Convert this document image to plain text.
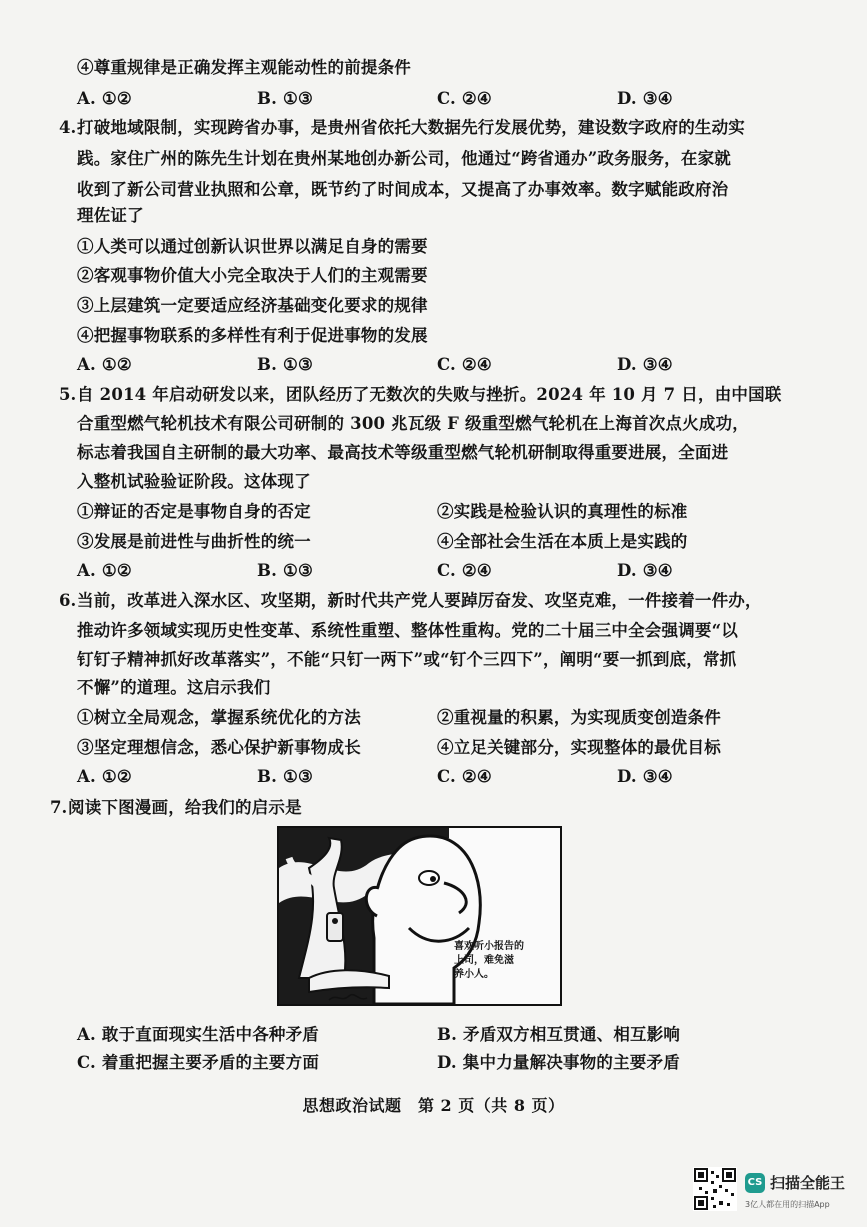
④尊重规律是正确发挥主观能动性的前提条件
A. ①②	B. ①③	C. ②④	D. ③④
4. 打破地域限制，实现跨省办事，是贵州省依托大数据先行发展优势，建设数字政府的生动实
践。家住广州的陈先生计划在贵州某地创办新公司，他通过“跨省通办”政务服务，在家就
收到了新公司营业执照和公章，既节约了时间成本，又提高了办事效率。数字赋能政府治
理佐证了
①人类可以通过创新认识世界以满足自身的需要
②客观事物价值大小完全取决于人们的主观需要
③上层建筑一定要适应经济基础变化要求的规律
④把握事物联系的多样性有利于促进事物的发展
A. ①②	B. ①③	C. ②④	D. ③④
5. 自 2014 年启动研发以来，团队经历了无数次的失败与挫折。2024 年 10 月 7 日，由中国联
合重型燃气轮机技术有限公司研制的 300 兆瓦级 F 级重型燃气轮机在上海首次点火成功，
标志着我国自主研制的最大功率、最高技术等级重型燃气轮机研制取得重要进展，全面进
入整机试验验证阶段。这体现了
①辩证的否定是事物自身的否定	②实践是检验认识的真理性的标准
③发展是前进性与曲折性的统一	④全部社会生活在本质上是实践的
A. ①②	B. ①③	C. ②④	D. ③④
6. 当前，改革进入深水区、攻坚期，新时代共产党人要踔厉奋发、攻坚克难，一件接着一件办，
推动许多领域实现历史性变革、系统性重塑、整体性重构。党的二十届三中全会强调要“以
钉钉子精神抓好改革落实”，不能“只钉一两下”或“钉个三四下”，阐明“要一抓到底，常抓
不懈”的道理。这启示我们
①树立全局观念，掌握系统优化的方法	②重视量的积累，为实现质变创造条件
③坚定理想信念，悉心保护新事物成长	④立足关键部分，实现整体的最优目标
A. ①②	B. ①③	C. ②④	D. ③④
7. 阅读下图漫画，给我们的启示是
喜欢听小报告的
上司，难免滋
养小人。
A. 敢于直面现实生活中各种矛盾	B. 矛盾双方相互贯通、相互影响
C. 着重把握主要矛盾的主要方面	D. 集中力量解决事物的主要矛盾
思想政治试题　第 2 页（共 8 页）
CS 扫描全能王
3亿人都在用的扫描App
